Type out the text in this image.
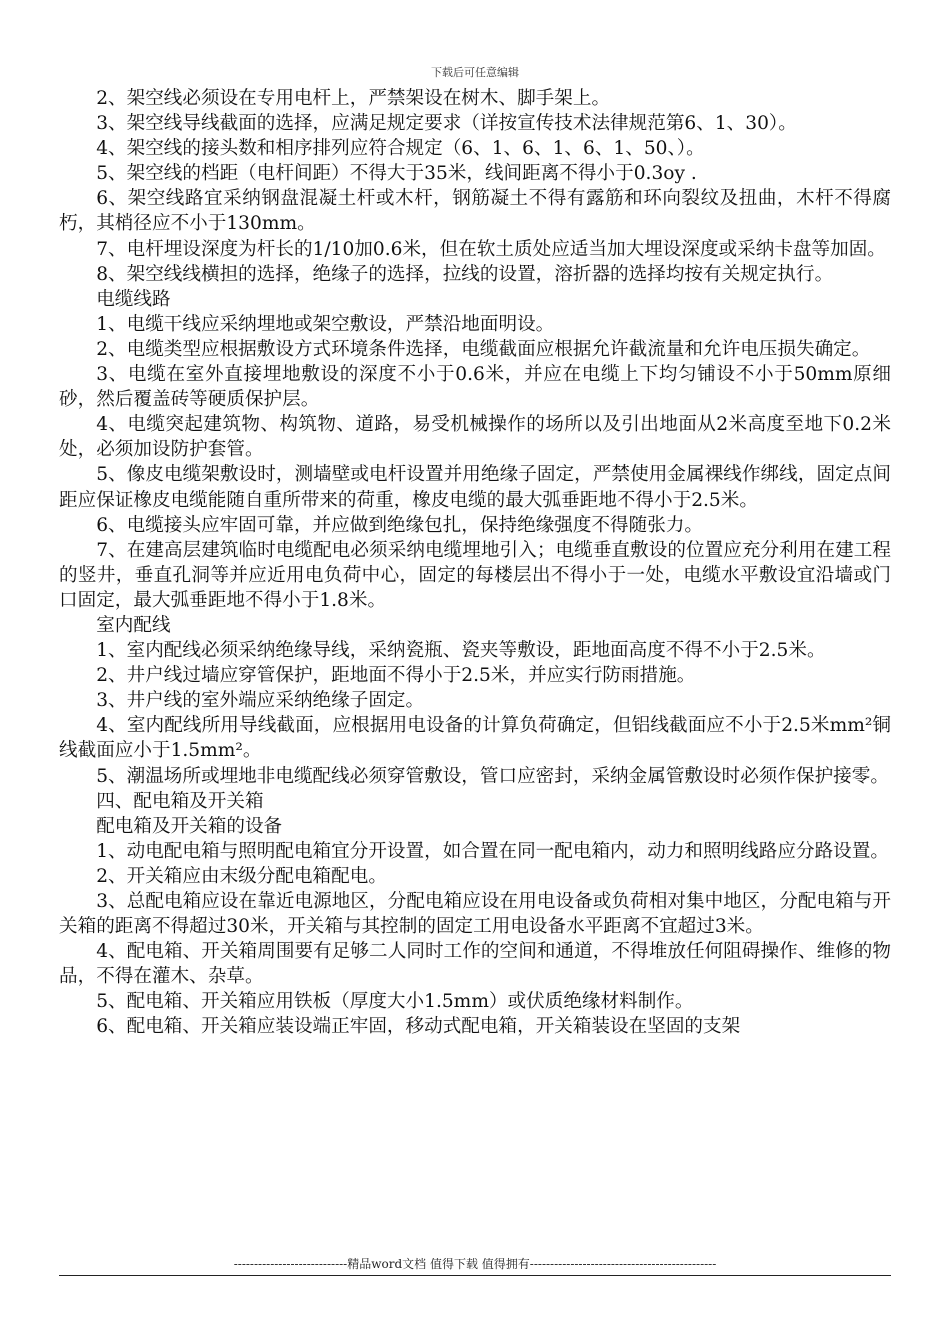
下载后可任意编辑

2、架空线必须设在专用电杆上，严禁架设在树木、脚手架上。

3、架空线导线截面的选择，应满足规定要求（详按宣传技术法律规范第6、1、30）。

4、架空线的接头数和相序排列应符合规定（6、1、6、1、6、1、50、）。

5、架空线的档距（电杆间距）不得大于35米，线间距离不得小于0.3oy .

6、架空线路宜采纳钢盘混凝土杆或木杆，钢筋凝土不得有露筋和环向裂纹及扭曲，木杆不得腐朽，其梢径应不小于130mm。

7、电杆埋设深度为杆长的1/10加0.6米，但在软土质处应适当加大埋设深度或采纳卡盘等加固。

8、架空线线横担的选择，绝缘子的选择，拉线的设置，溶折器的选择均按有关规定执行。

电缆线路

1、电缆干线应采纳埋地或架空敷设，严禁沿地面明设。

2、电缆类型应根据敷设方式环境条件选择，电缆截面应根据允许截流量和允许电压损失确定。

3、电缆在室外直接埋地敷设的深度不小于0.6米，并应在电缆上下均匀铺设不小于50mm原细砂，然后覆盖砖等硬质保护层。

4、电缆突起建筑物、构筑物、道路，易受机械操作的场所以及引出地面从2米高度至地下0.2米处，必须加设防护套管。

5、像皮电缆架敷设时，测墙壁或电杆设置并用绝缘子固定，严禁使用金属裸线作绑线，固定点间距应保证橡皮电缆能随自重所带来的荷重，橡皮电缆的最大弧垂距地不得小于2.5米。

6、电缆接头应牢固可靠，并应做到绝缘包扎，保持绝缘强度不得随张力。

7、在建高层建筑临时电缆配电必须采纳电缆埋地引入；电缆垂直敷设的位置应充分利用在建工程的竖井，垂直孔洞等并应近用电负荷中心，固定的每楼层出不得小于一处，电缆水平敷设宜沿墙或门口固定，最大弧垂距地不得小于1.8米。

室内配线

1、室内配线必须采纳绝缘导线，采纳瓷瓶、瓷夹等敷设，距地面高度不得不小于2.5米。

2、井户线过墙应穿管保护，距地面不得小于2.5米，并应实行防雨措施。

3、井户线的室外端应采纳绝缘子固定。

4、室内配线所用导线截面，应根据用电设备的计算负荷确定，但铝线截面应不小于2.5米mm²铜线截面应小于1.5mm²。

5、潮温场所或埋地非电缆配线必须穿管敷设，管口应密封，采纳金属管敷设时必须作保护接零。

四、配电箱及开关箱

配电箱及开关箱的设备

1、动电配电箱与照明配电箱宜分开设置，如合置在同一配电箱内，动力和照明线路应分路设置。

2、开关箱应由末级分配电箱配电。

3、总配电箱应设在靠近电源地区，分配电箱应设在用电设备或负荷相对集中地区，分配电箱与开关箱的距离不得超过30米，开关箱与其控制的固定工用电设备水平距离不宜超过3米。

4、配电箱、开关箱周围要有足够二人同时工作的空间和通道，不得堆放任何阻碍操作、维修的物品，不得在灌木、杂草。

5、配电箱、开关箱应用铁板（厚度大小1.5mm）或伏质绝缘材料制作。

6、配电箱、开关箱应装设端正牢固，移动式配电箱，开关箱装设在坚固的支架

----------------------------精品word文档 值得下载 值得拥有----------------------------------------------
